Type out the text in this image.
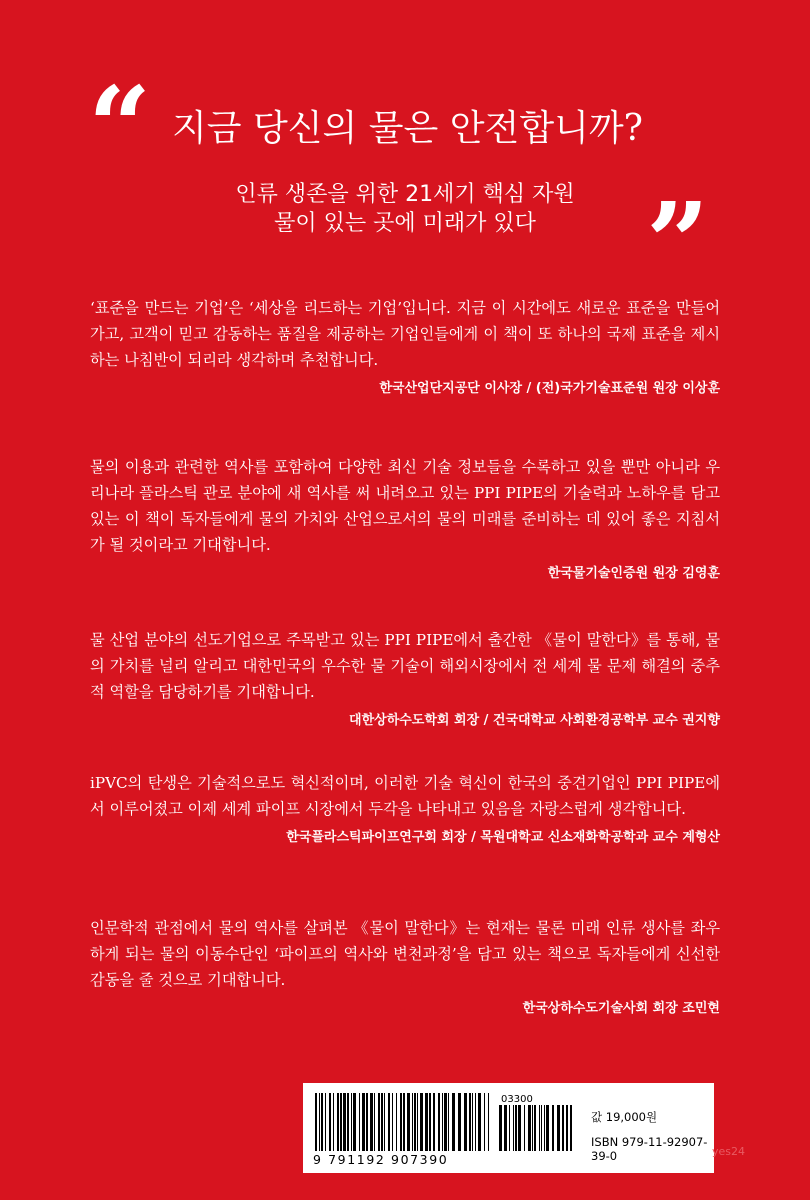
“ 지금 당신의 물은 안전합니까?
인류 생존을 위한 21세기 핵심 자원
물이 있는 곳에 미래가 있다	”

‘표준을 만드는 기업’은 ‘세상을 리드하는 기업’입니다. 지금 이 시간에도 새로운 표준을 만들어 가고, 고객이 믿고 감동하는 품질을 제공하는 기업인들에게 이 책이 또 하나의 국제 표준을 제시하는 나침반이 되리라 생각하며 추천합니다.

한국산업단지공단 이사장 / (전)국가기술표준원 원장 이상훈

물의 이용과 관련한 역사를 포함하여 다양한 최신 기술 정보들을 수록하고 있을 뿐만 아니라 우리나라 플라스틱 관로 분야에 새 역사를 써 내려오고 있는 PPI PIPE의 기술력과 노하우를 담고 있는 이 책이 독자들에게 물의 가치와 산업으로서의 물의 미래를 준비하는 데 있어 좋은 지침서가 될 것이라고 기대합니다.

한국물기술인증원 원장 김영훈

물 산업 분야의 선도기업으로 주목받고 있는 PPI PIPE에서 출간한 《물이 말한다》를 통해, 물의 가치를 널리 알리고 대한민국의 우수한 물 기술이 해외시장에서 전 세계 물 문제 해결의 중추적 역할을 담당하기를 기대합니다.

대한상하수도학회 회장 / 건국대학교 사회환경공학부 교수 권지향

iPVC의 탄생은 기술적으로도 혁신적이며, 이러한 기술 혁신이 한국의 중견기업인 PPI PIPE에서 이루어졌고 이제 세계 파이프 시장에서 두각을 나타내고 있음을 자랑스럽게 생각합니다.

한국플라스틱파이프연구회 회장 / 목원대학교 신소재화학공학과 교수 계형산

인문학적 관점에서 물의 역사를 살펴본 《물이 말한다》는 현재는 물론 미래 인류 생사를 좌우하게 되는 물의 이동수단인 ‘파이프의 역사와 변천과정’을 담고 있는 책으로 독자들에게 신선한 감동을 줄 것으로 기대합니다.

한국상하수도기술사회 회장 조민현
03300
9 791192 907390
값 19,000원
ISBN 979-11-92907-39-0	yes24
